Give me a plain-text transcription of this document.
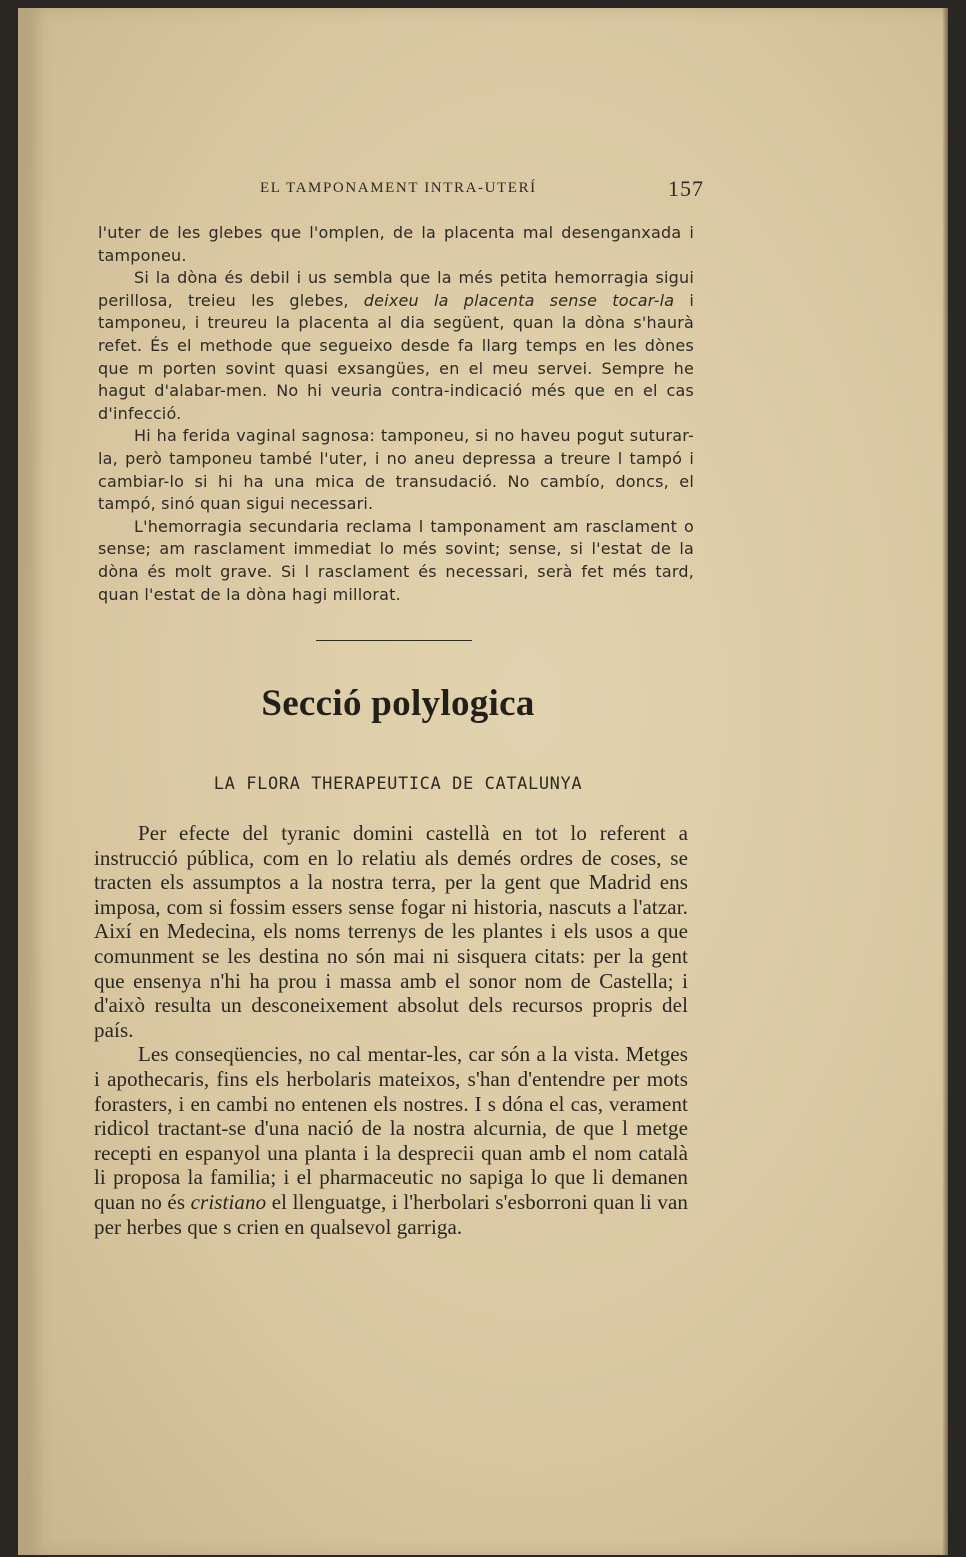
EL TAMPONAMENT INTRA-UTERÍ	157

l'uter de les glebes que l'omplen, de la placenta mal desenganxada i tamponeu.

Si la dòna és debil i us sembla que la més petita hemorragia sigui perillosa, treieu les glebes, deixeu la placenta sense tocar-la i tamponeu, i treureu la placenta al dia següent, quan la dòna s'haurà refet. És el methode que segueixo desde fa llarg temps en les dònes que m porten sovint quasi exsangües, en el meu servei. Sempre he hagut d'alabar-men. No hi veuria contra-indicació més que en el cas d'infecció.

Hi ha ferida vaginal sagnosa: tamponeu, si no haveu pogut suturar-la, però tamponeu també l'uter, i no aneu depressa a treure l tampó i cambiar-lo si hi ha una mica de transudació. No cambío, doncs, el tampó, sinó quan sigui necessari.

L'hemorragia secundaria reclama l tamponament am rasclament o sense; am rasclament immediat lo més sovint; sense, si l'estat de la dòna és molt grave. Si l rasclament és necessari, serà fet més tard, quan l'estat de la dòna hagi millorat.

Secció polylogica
LA FLORA THERAPEUTICA DE CATALUNYA

Per efecte del tyranic domini castellà en tot lo referent a instrucció pública, com en lo relatiu als demés ordres de coses, se tracten els assumptos a la nostra terra, per la gent que Madrid ens imposa, com si fossim essers sense fogar ni historia, nascuts a l'atzar. Així en Medecina, els noms terrenys de les plantes i els usos a que comunment se les destina no són mai ni sisquera citats: per la gent que ensenya n'hi ha prou i massa amb el sonor nom de Castella; i d'això resulta un desconeixement absolut dels recursos propris del país.

Les conseqüencies, no cal mentar-les, car són a la vista. Metges i apothecaris, fins els herbolaris mateixos, s'han d'entendre per mots forasters, i en cambi no entenen els nostres. I s dóna el cas, verament ridicol tractant-se d'una nació de la nostra alcurnia, de que l metge recepti en espanyol una planta i la desprecii quan amb el nom català li proposa la familia; i el pharmaceutic no sapiga lo que li demanen quan no és cristiano el llenguatge, i l'herbolari s'esborroni quan li van per herbes que s crien en qualsevol garriga.
